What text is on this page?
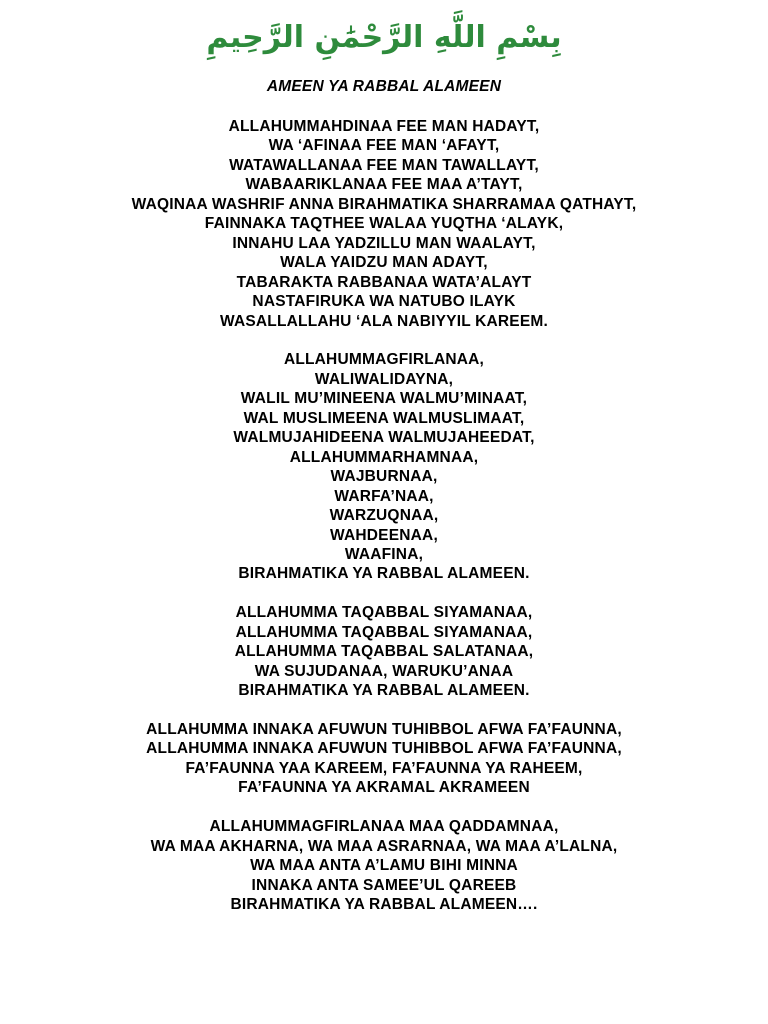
بِسْمِ اللَّهِ الرَّحْمَٰنِ الرَّحِيمِ
AMEEN YA RABBAL ALAMEEN
ALLAHUMMAHDINAA FEE MAN HADAYT,
WA ‘AFINAA FEE MAN ‘AFAYT,
WATAWALLANAA FEE MAN TAWALLAYT,
WABAARIKLANAA FEE MAA A’TAYT,
WAQINAA WASHRIF ANNA BIRAHMATIKA SHARRAMAA QATHAYT,
FAINNAKA TAQTHEE WALAA YUQTHA ‘ALAYK,
INNAHU LAA YADZILLU MAN WAALAYT,
WALA YAIDZU MAN ADAYT,
TABARAKTA RABBANAA WATA’ALAYT
NASTAFIRUKA WA NATUBO ILAYK
WASALLALLAHU ‘ALA NABIYYIL KAREEM.
ALLAHUMMAGFIRLANAA,
WALIWALIDAYNA,
WALIL MU’MINEENA WALMU’MINAAT,
WAL MUSLIMEENA WALMUSLIMAAT,
WALMUJAHIDEENA WALMUJAHEEDAT,
ALLAHUMMARHAMNAA,
WAJBURNAA,
WARFA’NAA,
WARZUQNAA,
WAHDEENAA,
WAAFINA,
BIRAHMATIKA YA RABBAL ALAMEEN.
ALLAHUMMA TAQABBAL SIYAMANAA,
ALLAHUMMA TAQABBAL SIYAMANAA,
ALLAHUMMA TAQABBAL SALATANAA,
WA SUJUDANAA, WARUKU’ANAA
BIRAHMATIKA YA RABBAL ALAMEEN.
ALLAHUMMA INNAKA AFUWUN TUHIBBOL AFWA FA’FAUNNA,
ALLAHUMMA INNAKA AFUWUN TUHIBBOL AFWA FA’FAUNNA,
FA’FAUNNA YAA KAREEM, FA’FAUNNA YA RAHEEM,
FA’FAUNNA YA AKRAMAL AKRAMEEN
ALLAHUMMAGFIRLANAA MAA QADDAMNAA,
WA MAA AKHARNA, WA MAA ASRARNAA, WA MAA A’LALNA,
WA MAA ANTA A’LAMU BIHI MINNA
INNAKA ANTA SAMEE’UL QAREEB
BIRAHMATIKA YA RABBAL ALAMEEN….
